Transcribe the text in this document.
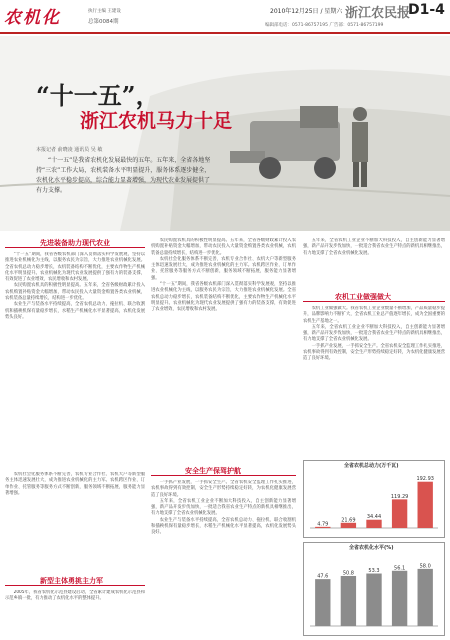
农机化	执行主编 王建设
总第0084期
2010年12月25日 / 星期六 浙江农民报
D1-4
编辑部电话：0571-86757195 广告部：0571-86757199
“十一五”，
浙江农机马力十足
本报记者 俞晓凌 通讯员 吴 敏
“十一五”是我省农机化发展最快的五年。五年来，全省各地坚持“三农”工作大局，农机装备水平明显提升，服务体系逐步健全，农机化水平稳步提高，综合能力显著增强，为现代农业发展提供了有力支撑。
先进装备助力现代农业

“十一五”期间，我省各级农机部门深入贯彻落实科学发展观，坚持以推进农业机械化为主线，以服务农民为宗旨，大力推进农业机械化发展。全省农机总动力稳步增长，农机装备结构不断优化，主要农作物生产机械化水平明显提升。农业机械化为现代农业发展提供了强有力的装备支撑，有效促进了农业增效、农民增收和农村发展。

农民购置农机具的积极性明显提高。五年来，全省各级财政累计投入农机购置补贴资金大幅增加，带动农民投入大量资金购置各类农业机械，农机装备总量持续增长，结构进一步优化。

农业生产与装备水平持续提高，全省农机总动力、拖拉机、联合收割机和插秧机保有量稳步增长，水稻生产机械化水平显著提高，农机化发展势头良好。

农机社会化服务体系不断完善，农机专业合作社、农机大户等新型服务主体迅速发展壮大，成为推进农业机械化的主力军。农机跨区作业、订单作业、托管服务等服务方式不断创新，服务领域不断拓展，服务能力显著增强。

新型主体勇挑主力军

2005年，我省农机化示范县建设启动，全省累计建成农机化示范县和示范乡镇一批，有力推动了农机化水平的整体提升。

农民购置农机具的积极性明显提高。五年来，全省各级财政累计投入农机购置补贴资金大幅增加，带动农民投入大量资金购置各类农业机械，农机装备总量持续增长，结构进一步优化。

农机社会化服务体系不断完善，农机专业合作社、农机大户等新型服务主体迅速发展壮大，成为推进农业机械化的主力军。农机跨区作业、订单作业、托管服务等服务方式不断创新，服务领域不断拓展，服务能力显著增强。

“十一五”期间，我省各级农机部门深入贯彻落实科学发展观，坚持以推进农业机械化为主线，以服务农民为宗旨，大力推进农业机械化发展。全省农机总动力稳步增长，农机装备结构不断优化，主要农作物生产机械化水平明显提升。农业机械化为现代农业发展提供了强有力的装备支撑，有效促进了农业增效、农民增收和农村发展。

安全生产保驾护航

一手抓产业发展，一手抓安全生产。全省农机安全监理工作扎实推进，农机事故得到有效控制，安全生产形势持续稳定好转，为农机化健康发展营造了良好环境。

五年来，全省农机工业企业不断加大科技投入，自主创新能力显著增强，新产品开发步伐加快，一批适合我省农业生产特点的新机具相继推出，有力地支撑了全省农业机械化发展。

农业生产与装备水平持续提高，全省农机总动力、拖拉机、联合收割机和插秧机保有量稳步增长，水稻生产机械化水平显著提高，农机化发展势头良好。

五年来，全省农机工业企业不断加大科技投入，自主创新能力显著增强，新产品开发步伐加快，一批适合我省农业生产特点的新机具相继推出，有力地支撑了全省农业机械化发展。

农机工业做强做大

农机工业做强做大。我省农机工业企业数量不断增加，产品质量稳步提升，品牌影响力不断扩大，全省农机工业总产值逐年增长，成为全国重要的农机生产基地之一。

五年来，全省农机工业企业不断加大科技投入，自主创新能力显著增强，新产品开发步伐加快，一批适合我省农业生产特点的新机具相继推出，有力地支撑了全省农业机械化发展。

一手抓产业发展，一手抓安全生产。全省农机安全监理工作扎实推进，农机事故得到有效控制，安全生产形势持续稳定好转，为农机化健康发展营造了良好环境。

全省农机总动力(万千瓦)
4.79
21.69
34.44
119.29
192.93
全省农机化水平(%)
47.6
50.8	53.3	56.1	58.0
